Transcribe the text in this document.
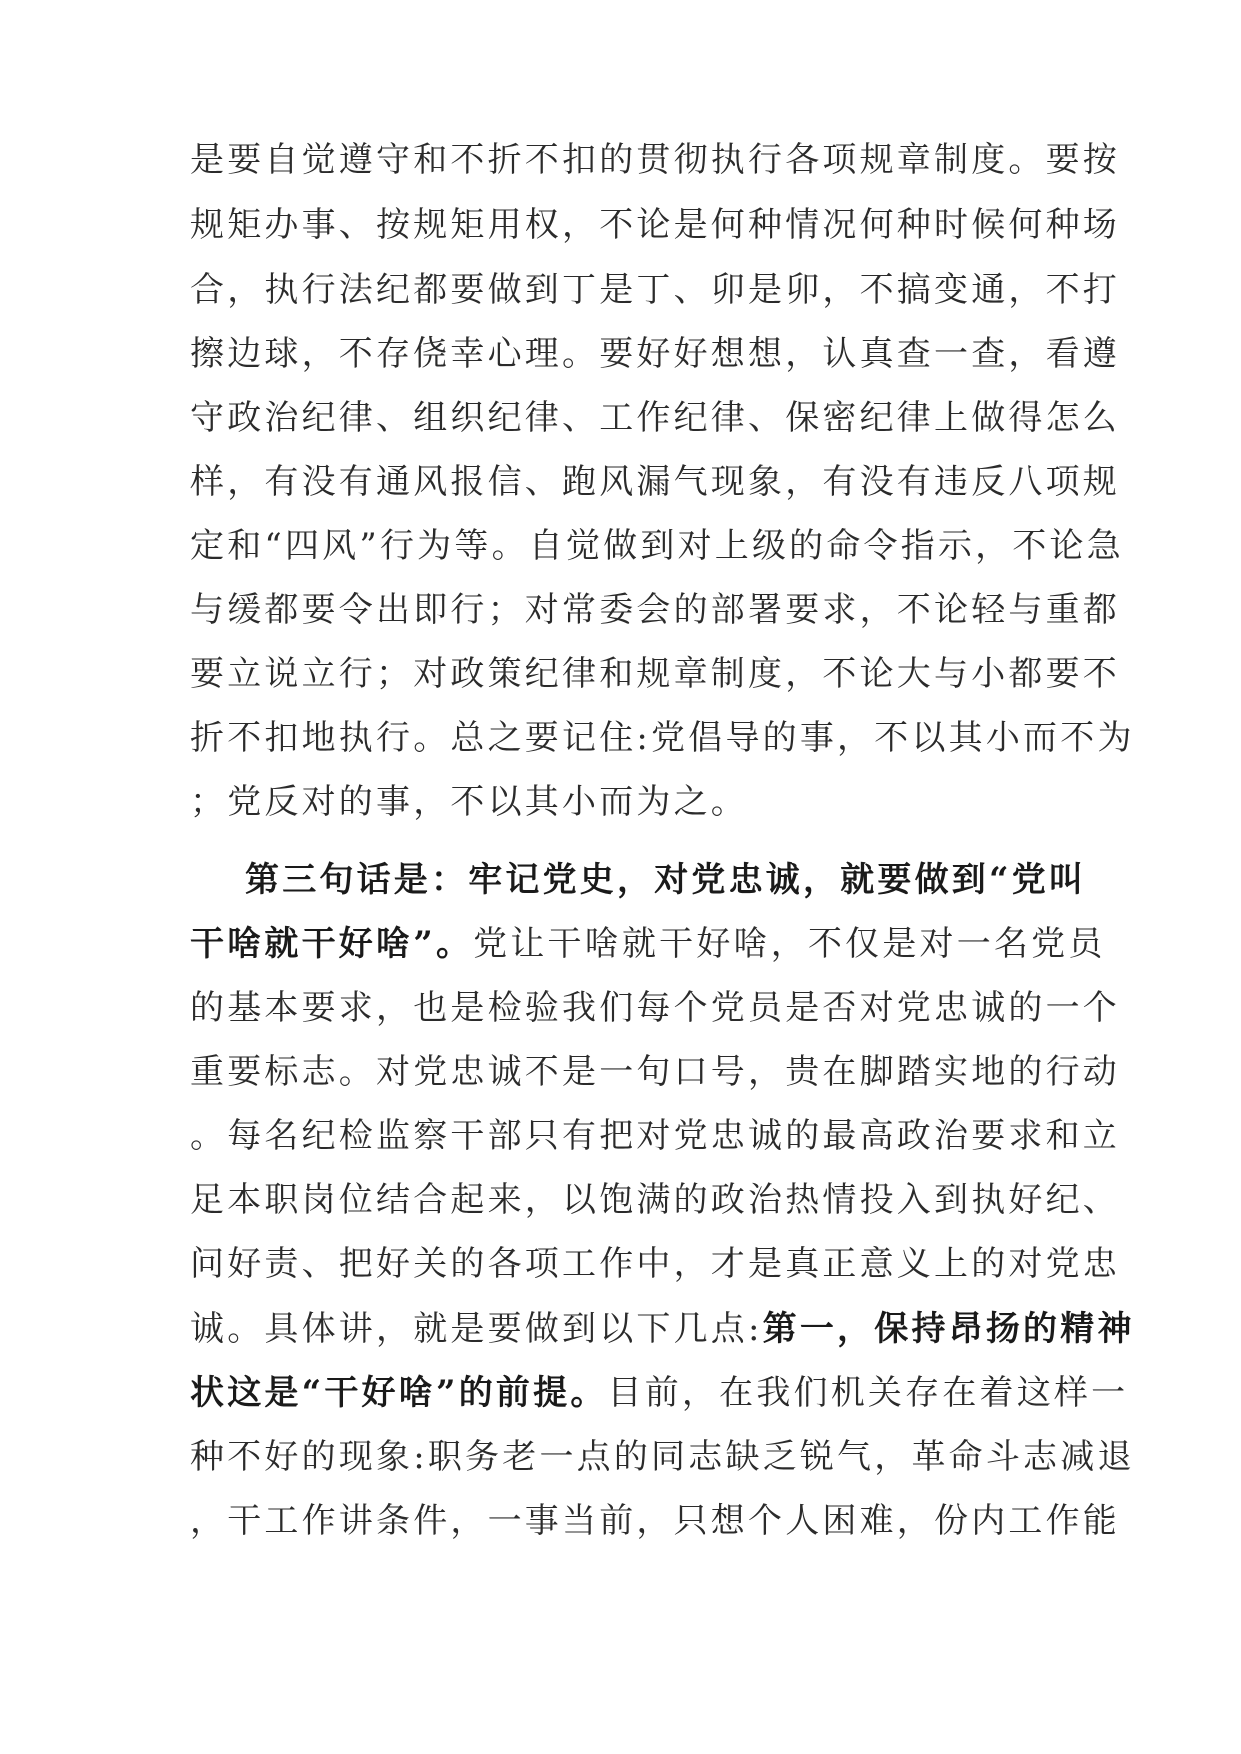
是要自觉遵守和不折不扣的贯彻执行各项规章制度。要按
规矩办事、按规矩用权，不论是何种情况何种时候何种场
合，执行法纪都要做到丁是丁、卯是卯，不搞变通，不打
擦边球，不存侥幸心理。要好好想想，认真查一查，看遵
守政治纪律、组织纪律、工作纪律、保密纪律上做得怎么
样，有没有通风报信、跑风漏气现象，有没有违反八项规
定和“四风”行为等。自觉做到对上级的命令指示，不论急
与缓都要令出即行；对常委会的部署要求，不论轻与重都
要立说立行；对政策纪律和规章制度，不论大与小都要不
折不扣地执行。总之要记住:党倡导的事，不以其小而不为
；党反对的事，不以其小而为之。
第三句话是：牢记党史，对党忠诚，就要做到“党叫
干啥就干好啥”。党让干啥就干好啥，不仅是对一名党员
的基本要求，也是检验我们每个党员是否对党忠诚的一个
重要标志。对党忠诚不是一句口号，贵在脚踏实地的行动
。每名纪检监察干部只有把对党忠诚的最高政治要求和立
足本职岗位结合起来，以饱满的政治热情投入到执好纪、
问好责、把好关的各项工作中，才是真正意义上的对党忠
诚。具体讲，就是要做到以下几点:第一，保持昂扬的精神
状这是“干好啥”的前提。目前，在我们机关存在着这样一
种不好的现象:职务老一点的同志缺乏锐气，革命斗志减退
，干工作讲条件，一事当前，只想个人困难，份内工作能
